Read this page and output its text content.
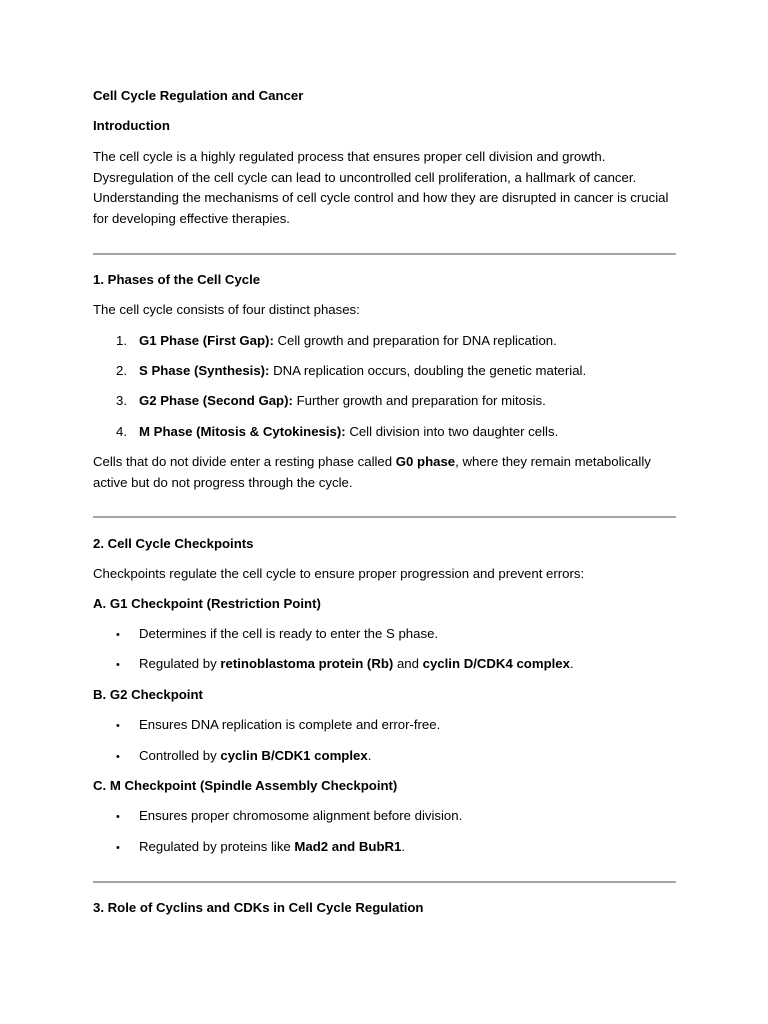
Cell Cycle Regulation and Cancer
Introduction
The cell cycle is a highly regulated process that ensures proper cell division and growth. Dysregulation of the cell cycle can lead to uncontrolled cell proliferation, a hallmark of cancer. Understanding the mechanisms of cell cycle control and how they are disrupted in cancer is crucial for developing effective therapies.
1. Phases of the Cell Cycle
The cell cycle consists of four distinct phases:
1. G1 Phase (First Gap): Cell growth and preparation for DNA replication.
2. S Phase (Synthesis): DNA replication occurs, doubling the genetic material.
3. G2 Phase (Second Gap): Further growth and preparation for mitosis.
4. M Phase (Mitosis & Cytokinesis): Cell division into two daughter cells.
Cells that do not divide enter a resting phase called G0 phase, where they remain metabolically active but do not progress through the cycle.
2. Cell Cycle Checkpoints
Checkpoints regulate the cell cycle to ensure proper progression and prevent errors:
A. G1 Checkpoint (Restriction Point)
• Determines if the cell is ready to enter the S phase.
• Regulated by retinoblastoma protein (Rb) and cyclin D/CDK4 complex.
B. G2 Checkpoint
• Ensures DNA replication is complete and error-free.
• Controlled by cyclin B/CDK1 complex.
C. M Checkpoint (Spindle Assembly Checkpoint)
• Ensures proper chromosome alignment before division.
• Regulated by proteins like Mad2 and BubR1.
3. Role of Cyclins and CDKs in Cell Cycle Regulation
